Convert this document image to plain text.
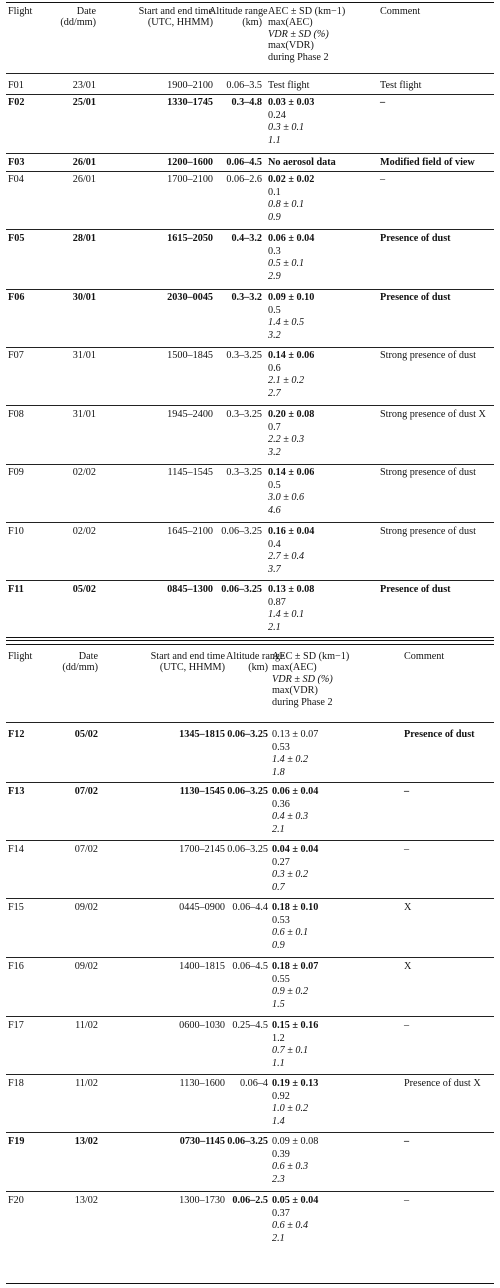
Flight	Date
(dd/mm)
Start and end time
(UTC, HHMM)
Altitude range
(km)
AEC ± SD (km−1)
max(AEC)
VDR ± SD (%)
max(VDR)
during Phase 2
Comment
F01	23/01	1900–2100	0.06–3.5 Test flight	Test flight
F02	25/01	1330–1745	0.3–4.8 0.03 ± 0.03
0.24
0.3 ± 0.1
1.1
–
F03	26/01	1200–1600	0.06–4.5 No aerosol data	Modified field of view
F04	26/01	1700–2100	0.06–2.6 0.02 ± 0.02
0.1
0.8 ± 0.1
0.9
–
F05	28/01	1615–2050	0.4–3.2 0.06 ± 0.04
0.3
0.5 ± 0.1
2.9
Presence of dust
F06	30/01	2030–0045	0.3–3.2 0.09 ± 0.10
0.5
1.4 ± 0.5
3.2
Presence of dust
F07	31/01	1500–1845	0.3–3.25 0.14 ± 0.06
0.6
2.1 ± 0.2
2.7
Strong presence of dust
F08	31/01	1945–2400	0.3–3.25 0.20 ± 0.08
0.7
2.2 ± 0.3
3.2
Strong presence of dust X
F09	02/02	1145–1545	0.3–3.25 0.14 ± 0.06
0.5
3.0 ± 0.6
4.6
Strong presence of dust
F10	02/02	1645–2100 0.06–3.25 0.16 ± 0.04
0.4
2.7 ± 0.4
3.7
Strong presence of dust
F11	05/02	0845–1300 0.06–3.25 0.13 ± 0.08
0.87
1.4 ± 0.1
2.1
Presence of dust
Flight	Date
(dd/mm)
Start and end time
(UTC, HHMM)
Altitude range
(km)
AEC ± SD (km−1)
max(AEC)
VDR ± SD (%)
max(VDR)
during Phase 2
Comment
F12	05/02	1345–1815 0.06–3.25 0.13 ± 0.07
0.53
1.4 ± 0.2
1.8
Presence of dust
F13	07/02	1130–1545 0.06–3.25 0.06 ± 0.04
0.36
0.4 ± 0.3
2.1
–
F14	07/02	1700–2145 0.06–3.25 0.04 ± 0.04
0.27
0.3 ± 0.2
0.7
–
F15	09/02	0445–0900 0.06–4.4 0.18 ± 0.10
0.53
0.6 ± 0.1
0.9
X
F16	09/02	1400–1815 0.06–4.5 0.18 ± 0.07
0.55
0.9 ± 0.2
1.5
X
F17	11/02	0600–1030 0.25–4.5 0.15 ± 0.16
1.2
0.7 ± 0.1
1.1
–
F18	11/02	1130–1600	0.06–4 0.19 ± 0.13
0.92
1.0 ± 0.2
1.4
Presence of dust X
F19	13/02	0730–1145 0.06–3.25 0.09 ± 0.08
0.39
0.6 ± 0.3
2.3
–
F20	13/02	1300–1730 0.06–2.5 0.05 ± 0.04
0.37
0.6 ± 0.4
2.1
–
